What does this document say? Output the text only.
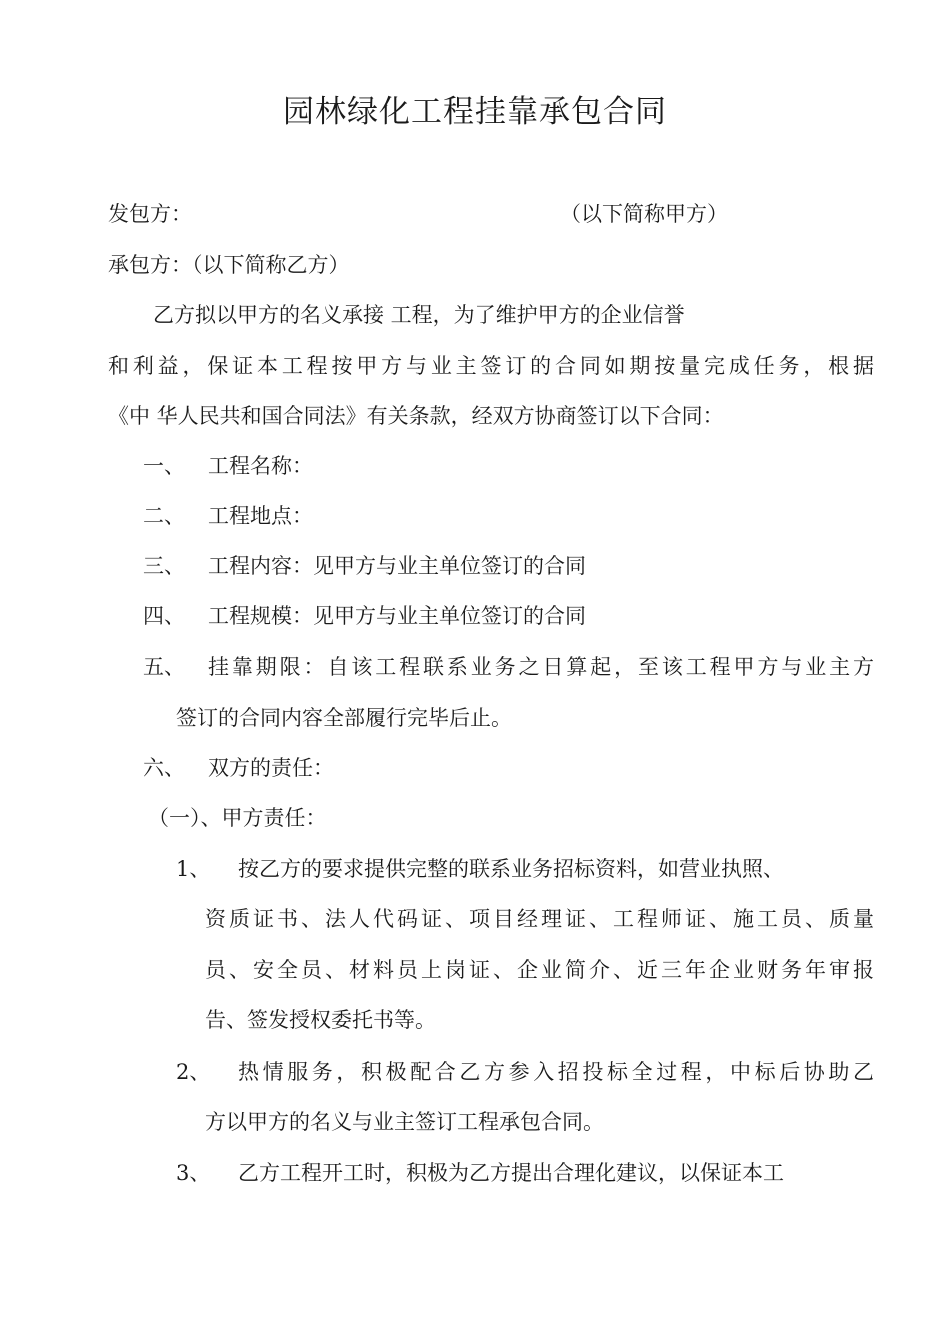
园林绿化工程挂靠承包合同
发包方：	（以下简称甲方）
承包方：（以下简称乙方）
乙方拟以甲方的名义承接 工程，为了维护甲方的企业信誉
和利益，保证本工程按甲方与业主签订的合同如期按量完成任务，根据
《中 华人民共和国合同法》有关条款，经双方协商签订以下合同：
一、 工程名称：
二、 工程地点：
三、 工程内容：见甲方与业主单位签订的合同
四、 工程规模：见甲方与业主单位签订的合同
五、 挂靠期限：自该工程联系业务之日算起，至该工程甲方与业主方
签订的合同内容全部履行完毕后止。
六、 双方的责任：
（一）、甲方责任：
1、 按乙方的要求提供完整的联系业务招标资料，如营业执照、
资质证书、法人代码证、项目经理证、工程师证、施工员、质量
员、安全员、材料员上岗证、企业简介、近三年企业财务年审报
告、签发授权委托书等。
2、 热情服务，积极配合乙方参入招投标全过程，中标后协助乙
方以甲方的名义与业主签订工程承包合同。
3、 乙方工程开工时，积极为乙方提出合理化建议，以保证本工
